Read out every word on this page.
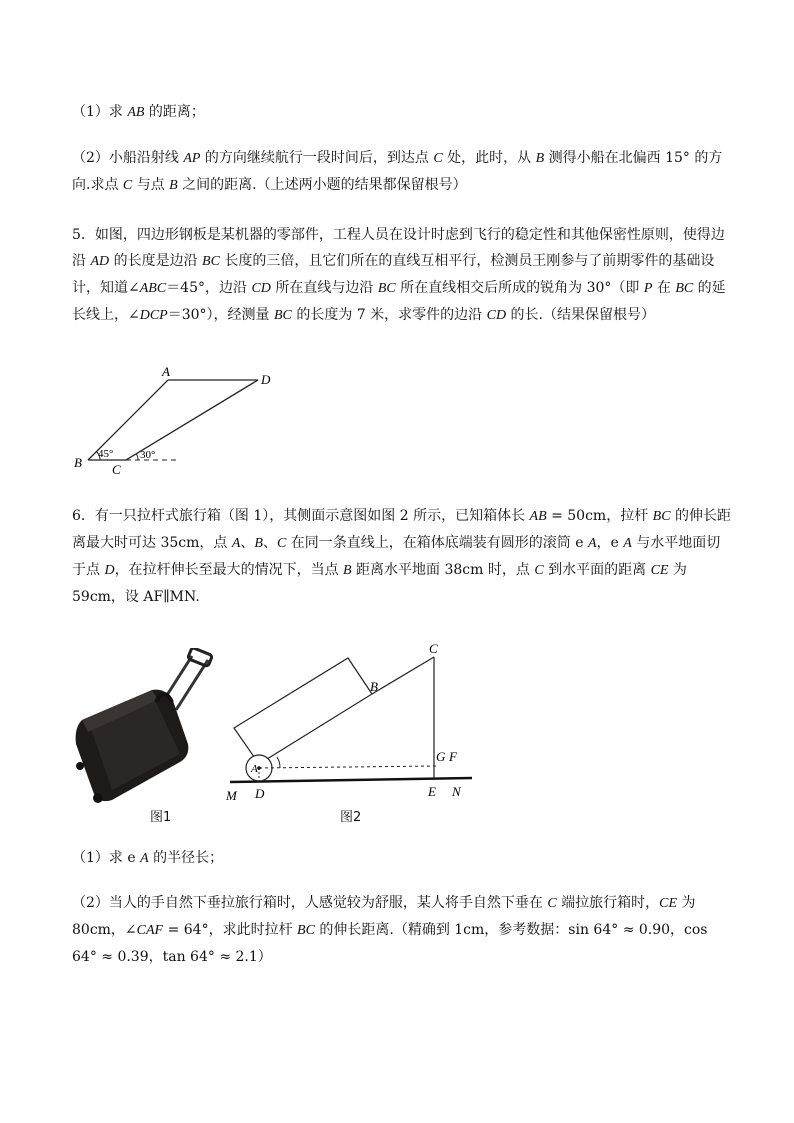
（1）求 AB 的距离；

（2）小船沿射线 AP 的方向继续航行一段时间后，到达点 C 处，此时，从 B 测得小船在北偏西 15° 的方向.求点 C 与点 B 之间的距离.（上述两小题的结果都保留根号）

5．如图，四边形钢板是某机器的零部件，工程人员在设计时虑到飞行的稳定性和其他保密性原则，使得边沿 AD 的长度是边沿 BC 长度的三倍，且它们所在的直线互相平行，检测员王刚参与了前期零件的基础设计，知道∠ABC＝45°，边沿 CD 所在直线与边沿 BC 所在直线相交后所成的锐角为 30°（即 P 在 BC 的延长线上，∠DCP＝30°），经测量 BC 的长度为 7 米，求零件的边沿 CD 的长.（结果保留根号）

A
D
B C
45° 30°

6．有一只拉杆式旅行箱（图 1），其侧面示意图如图 2 所示，已知箱体长 AB = 50cm，拉杆 BC 的伸长距离最大时可达 35cm，点 A、B、C 在同一条直线上，在箱体底端装有圆形的滚筒 e A，e A 与水平地面切于点 D，在拉杆伸长至最大的情况下，当点 B 距离水平地面 38cm 时，点 C 到水平面的距离 CE 为 59cm，设 AF∥MN.

图1
C
B
G F
A
M D	E N
图2

（1）求 e A 的半径长；

（2）当人的手自然下垂拉旅行箱时，人感觉较为舒服，某人将手自然下垂在 C 端拉旅行箱时，CE 为 80cm，∠CAF = 64°，求此时拉杆 BC 的伸长距离.（精确到 1cm，参考数据：sin 64° ≈ 0.90，cos 64° ≈ 0.39，tan 64° ≈ 2.1）
